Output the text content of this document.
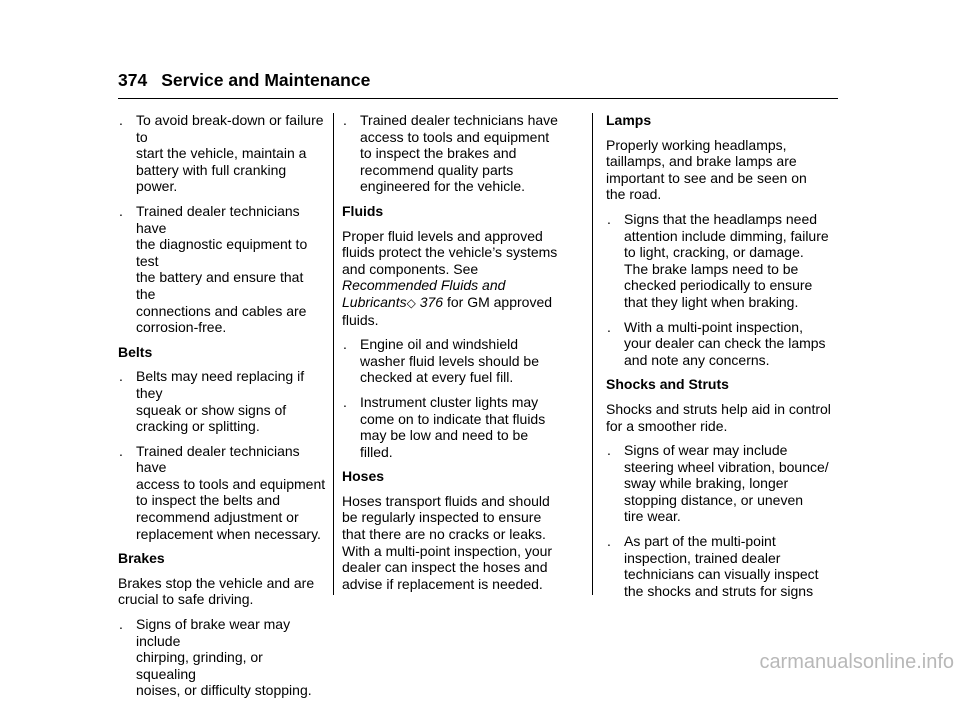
374 Service and Maintenance
. To avoid break-down or failure to
start the vehicle, maintain a
battery with full cranking power.
. Trained dealer technicians have
the diagnostic equipment to test
the battery and ensure that the
connections and cables are
corrosion-free.
Belts
. Belts may need replacing if they
squeak or show signs of
cracking or splitting.
. Trained dealer technicians have
access to tools and equipment
to inspect the belts and
recommend adjustment or
replacement when necessary.
Brakes
Brakes stop the vehicle and are
crucial to safe driving.
. Signs of brake wear may include
chirping, grinding, or squealing
noises, or difficulty stopping.
. Trained dealer technicians have
access to tools and equipment
to inspect the brakes and
recommend quality parts
engineered for the vehicle.
Fluids
Proper fluid levels and approved
fluids protect the vehicle’s systems
and components. See
Recommended Fluids and
Lubricants◇ 376 for GM approved
fluids.
. Engine oil and windshield
washer fluid levels should be
checked at every fuel fill.
. Instrument cluster lights may
come on to indicate that fluids
may be low and need to be
filled.
Hoses
Hoses transport fluids and should
be regularly inspected to ensure
that there are no cracks or leaks.
With a multi-point inspection, your
dealer can inspect the hoses and
advise if replacement is needed.
Lamps
Properly working headlamps,
taillamps, and brake lamps are
important to see and be seen on
the road.
. Signs that the headlamps need
attention include dimming, failure
to light, cracking, or damage.
The brake lamps need to be
checked periodically to ensure
that they light when braking.
. With a multi-point inspection,
your dealer can check the lamps
and note any concerns.
Shocks and Struts
Shocks and struts help aid in control
for a smoother ride.
. Signs of wear may include
steering wheel vibration, bounce/
sway while braking, longer
stopping distance, or uneven
tire wear.
. As part of the multi-point
inspection, trained dealer
technicians can visually inspect
the shocks and struts for signs
carmanualsonline.info
